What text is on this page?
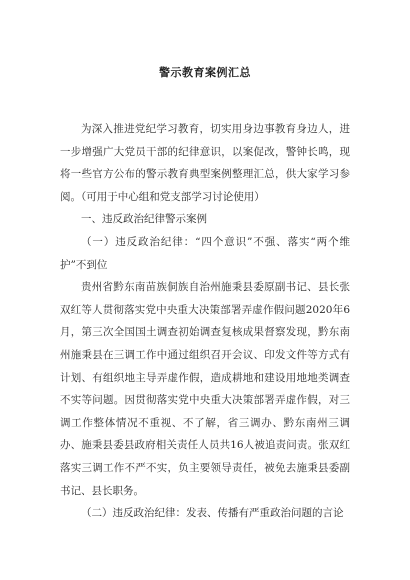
警示教育案例汇总

为深入推进党纪学习教育，切实用身边事教育身边人，进一步增强广大党员干部的纪律意识，以案促改，警钟长鸣，现将一些官方公布的警示教育典型案例整理汇总，供大家学习参阅。（可用于中心组和党支部学习讨论使用）

一、违反政治纪律警示案例

（一）违反政治纪律：“四个意识”不强、落实“两个维护”不到位

贵州省黔东南苗族侗族自治州施秉县委原副书记、县长张双红等人贯彻落实党中央重大决策部署弄虚作假问题2020年6月，第三次全国国土调查初始调查复核成果督察发现，黔东南州施秉县在三调工作中通过组织召开会议、印发文件等方式有计划、有组织地主导弄虚作假，造成耕地和建设用地地类调查不实等问题。因贯彻落实党中央重大决策部署弄虚作假，对三调工作整体情况不重视、不了解，省三调办、黔东南州三调办、施秉县委县政府相关责任人员共16人被追责问责。张双红落实三调工作不严不实，负主要领导责任，被免去施秉县委副书记、县长职务。

（二）违反政治纪律：发表、传播有严重政治问题的言论
